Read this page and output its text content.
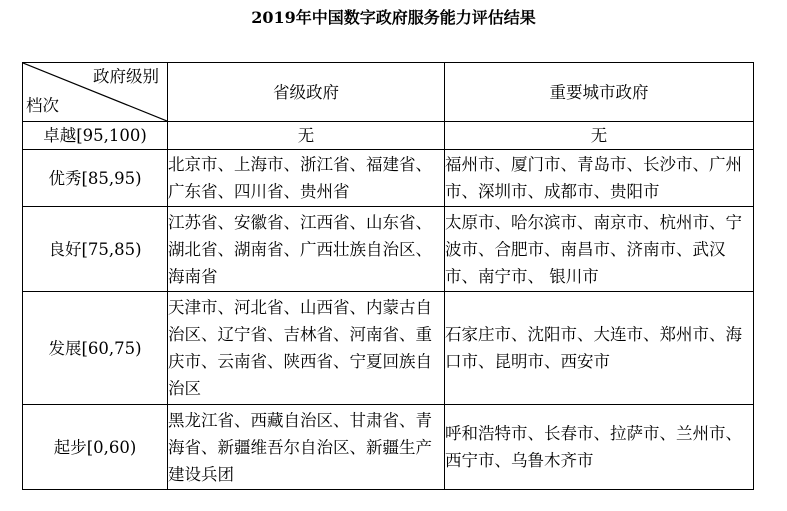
2019年中国数字政府服务能力评估结果
政府级别
档次	省级政府	重要城市政府
卓越[95,100)	无	无
优秀[85,95)	北京市、上海市、浙江省、福建省、广东省、四川省、贵州省	福州市、厦门市、青岛市、长沙市、广州市、深圳市、成都市、贵阳市
良好[75,85)	江苏省、安徽省、江西省、山东省、湖北省、湖南省、广西壮族自治区、海南省	太原市、哈尔滨市、南京市、杭州市、宁波市、合肥市、南昌市、济南市、武汉市、南宁市、 银川市
发展[60,75)	天津市、河北省、山西省、内蒙古自治区、辽宁省、吉林省、河南省、重庆市、云南省、陕西省、宁夏回族自治区	石家庄市、沈阳市、大连市、郑州市、海口市、昆明市、西安市
起步[0,60)	黑龙江省、西藏自治区、甘肃省、青海省、新疆维吾尔自治区、新疆生产建设兵团	呼和浩特市、长春市、拉萨市、兰州市、西宁市、乌鲁木齐市
